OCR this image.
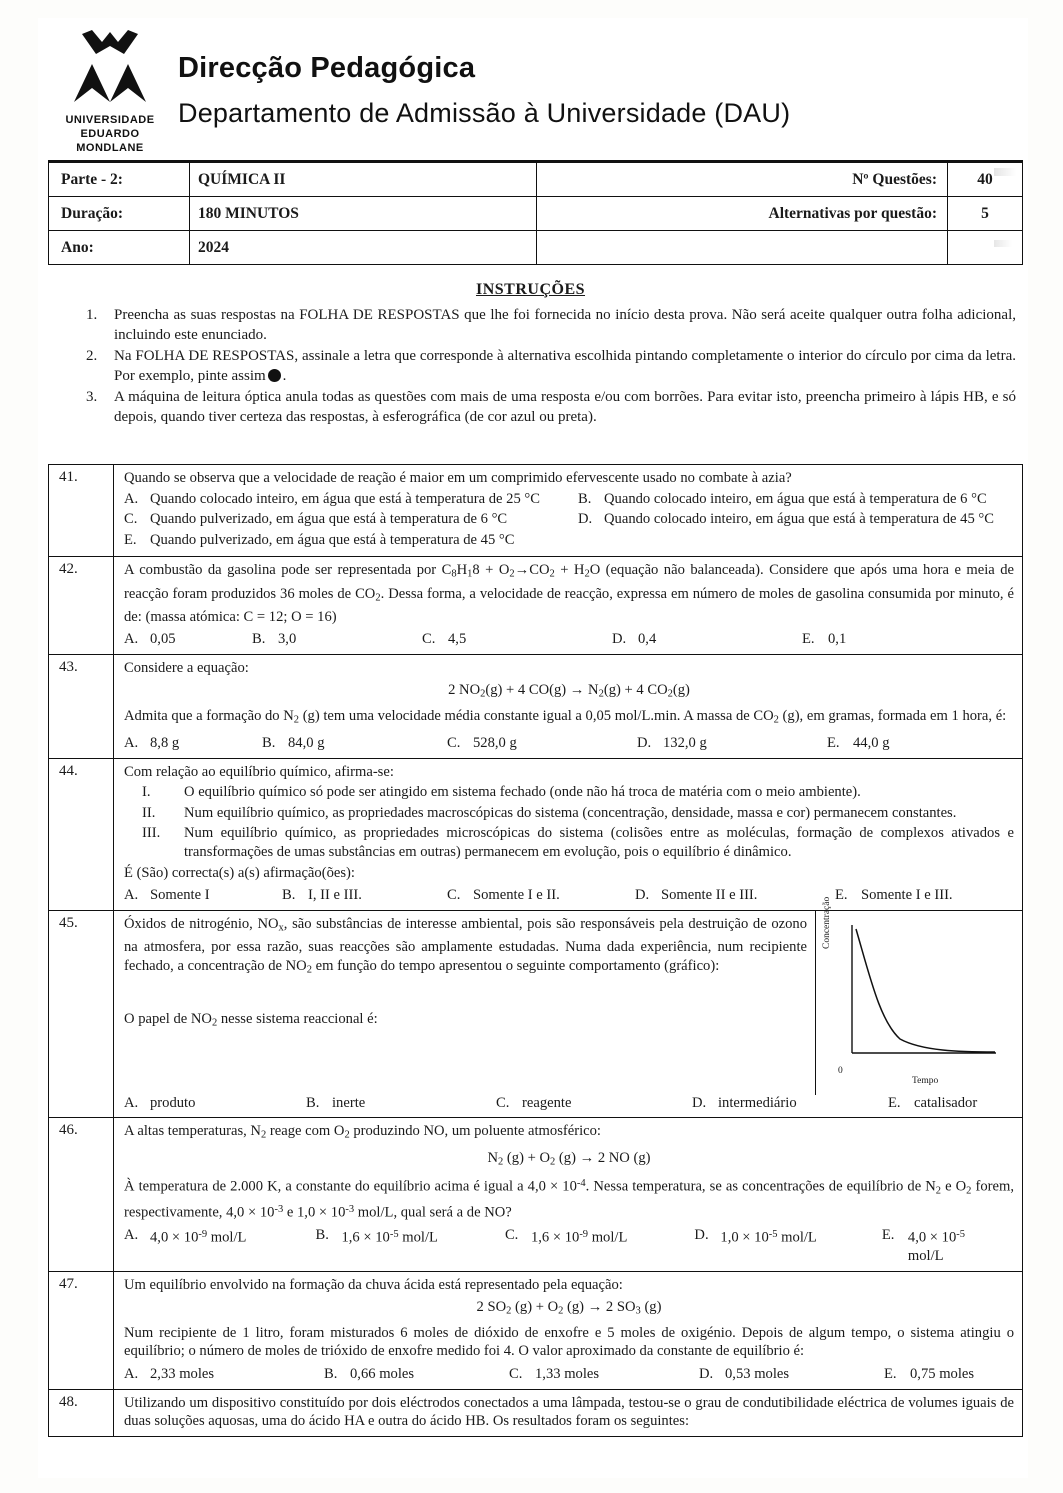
UNIVERSIDADE
EDUARDO
MONDLANE
Direcção Pedagógica
Departamento de Admissão à Universidade (DAU)
Parte - 2:	QUÍMICA II	Nº Questões:	40
Duração:	180 MINUTOS	Alternativas por questão:	5
Ano:	2024		
INSTRUÇÕES
1.	Preencha as suas respostas na FOLHA DE RESPOSTAS que lhe foi fornecida no início desta prova. Não será aceite qualquer outra folha adicional, incluindo este enunciado.
2.	Na FOLHA DE RESPOSTAS, assinale a letra que corresponde à alternativa escolhida pintando completamente o interior do círculo por cima da letra. Por exemplo, pinte assim .
3.	A máquina de leitura óptica anula todas as questões com mais de uma resposta e/ou com borrões. Para evitar isto, preencha primeiro à lápis HB, e só depois, quando tiver certeza das respostas, à esferográfica (de cor azul ou preta).
41.	Quando se observa que a velocidade de reação é maior em um comprimido efervescente usado no combate à azia?
A. Quando colocado inteiro, em água que está à temperatura de 25 °C
C. Quando pulverizado, em água que está à temperatura de 6 °C
E. Quando pulverizado, em água que está à temperatura de 45 °C
B. Quando colocado inteiro, em água que está à temperatura de 6 °C
D. Quando colocado inteiro, em água que está à temperatura de 45 °C

42.	A combustão da gasolina pode ser representada por $C_8H_18 + O_2\to CO_2 + H_2O$ (equação não balanceada). Considere que após uma hora e meia de reacção foram produzidos 36 moles de $CO_2$. Dessa forma, a velocidade de reacção, expressa em número de moles de gasolina consumida por minuto, é de: (massa atómica: C = 12; O = 16)
A. 0,05	B. 3,0	C. 4,5	D. 0,4	E. 0,1

43.	Considere a equação:
2 $NO_2(g) + 4$ $CO(g) \to N_2(g) + 4$ $CO_2(g)$
Admita que a formação do $N_2$ (g) tem uma velocidade média constante igual a 0,05 mol/L.min. A massa de $CO_2$ (g), em gramas, formada em 1 hora, é:
A. 8,8 g	B. 84,0 g	C. 528,0 g	D. 132,0 g	E. 44,0 g

44.	Com relação ao equilíbrio químico, afirma-se:
I.	O equilíbrio químico só pode ser atingido em sistema fechado (onde não há troca de matéria com o meio ambiente).
II.	Num equilíbrio químico, as propriedades macroscópicas do sistema (concentração, densidade, massa e cor) permanecem constantes.
III.	Num equilíbrio químico, as propriedades microscópicas do sistema (colisões entre as moléculas, formação de complexos ativados e transformações de umas substâncias em outras) permanecem em evolução, pois o equilíbrio é dinâmico.
É (São) correcta(s) a(s) afirmação(ões):
A. Somente I	B. I, II e III.	C. Somente I e II.	D. Somente II e III.	E. Somente I e III.

45.	Óxidos de nitrogénio, $NO_x$, são substâncias de interesse ambiental, pois são responsáveis pela destruição de ozono na atmosfera, por essa razão, suas reacções são amplamente estudadas. Numa dada experiência, num recipiente fechado, a concentração de $NO_2$ em função do tempo apresentou o seguinte comportamento (gráfico):
O papel de $NO_2$ nesse sistema reaccional é:
Concentração
Tempo
0
A. produto	B. inerte	C. reagente	D. intermediário	E. catalisador

46.	A altas temperaturas, $N_2$ reage com $O_2$ produzindo NO, um poluente atmosférico:
$N_2$ $(g) + O_2$ (g) → 2 NO (g)
À temperatura de 2.000 K, a constante do equilíbrio acima é igual a $4,0 \times 10^{-4}$. Nessa temperatura, se as concentrações de equilíbrio de $N_2$ e $O_2$ forem, respectivamente, $4,0 \times 10^{-3}$ e $1,0 \times 10^{-3}$ mol/L, qual será a de NO?
A. $4,0 \times 10^{-9}$ mol/L	B. $1,6 \times 10^{-5}$ mol/L	C. $1,6 \times 10^{-9}$ mol/L	D. $1,0 \times 10^{-5}$ mol/L	E. $4,0 \times 10^{-5}$ mol/L

47.	Um equilíbrio envolvido na formação da chuva ácida está representado pela equação:
2 $SO_2$ $(g) + O_2$ (g) → 2 $SO_3$ (g)
Num recipiente de 1 litro, foram misturados 6 moles de dióxido de enxofre e 5 moles de oxigénio. Depois de algum tempo, o sistema atingiu o equilíbrio; o número de moles de trióxido de enxofre medido foi 4. O valor aproximado da constante de equilíbrio é:
A. 2,33 moles	B. 0,66 moles	C. 1,33 moles	D. 0,53 moles	E. 0,75 moles

48.	Utilizando um dispositivo constituído por dois eléctrodos conectados a uma lâmpada, testou-se o grau de condutibilidade eléctrica de volumes iguais de duas soluções aquosas, uma do ácido HA e outra do ácido HB. Os resultados foram os seguintes:
